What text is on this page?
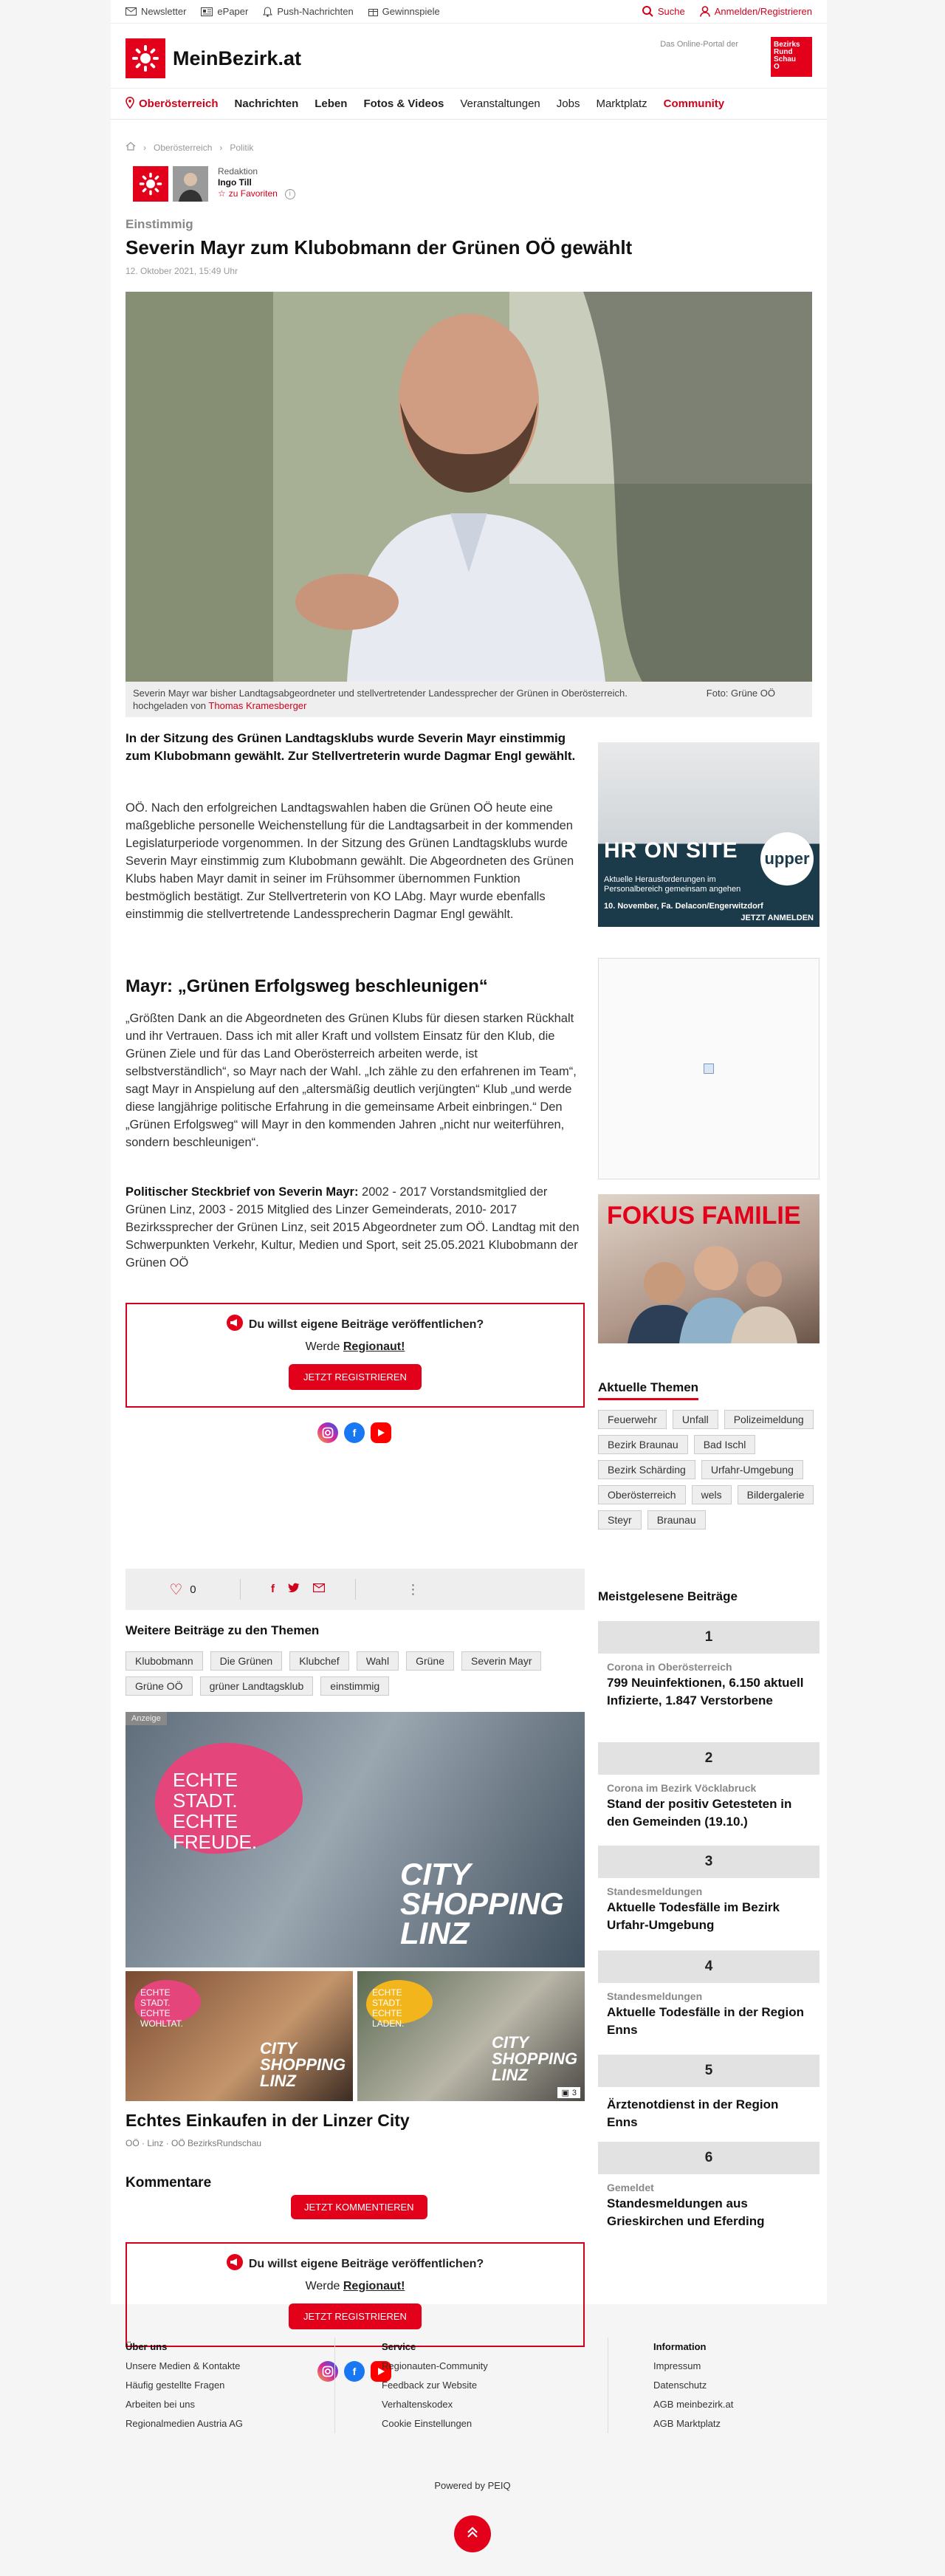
Newsletter	ePaper	Push-Nachrichten	Gewinnspiele	Suche	Anmelden/Registrieren
MeinBezirk.at
Das Online-Portal der	Bezirks
Rund
Schau
O
Oberösterreich Nachrichten Leben Fotos & Videos Veranstaltungen Jobs Marktplatz Community
› Oberösterreich › Politik
Redaktion
Ingo Till
☆ zu Favoriten	i
Einstimmig
Severin Mayr zum Klubobmann der Grünen OÖ gewählt
12. Oktober 2021, 15:49 Uhr
Severin Mayr war bisher Landtagsabgeordneter und stellvertretender Landessprecher der Grünen in Oberösterreich.	Foto: Grüne OÖ

hochgeladen von Thomas Kramesberger

In der Sitzung des Grünen Landtagsklubs wurde Severin Mayr einstimmig zum Klubobmann gewählt. Zur Stellvertreterin wurde Dagmar Engl gewählt.

OÖ. Nach den erfolgreichen Landtagswahlen haben die Grünen OÖ heute eine maßgebliche personelle Weichenstellung für die Landtagsarbeit in der kommenden Legislaturperiode vorgenommen. In der Sitzung des Grünen Landtagsklubs wurde Severin Mayr einstimmig zum Klubobmann gewählt. Die Abgeordneten des Grünen Klubs haben Mayr damit in seiner im Frühsommer übernommen Funktion bestmöglich bestätigt. Zur Stellvertreterin von KO LAbg. Mayr wurde ebenfalls einstimmig die stellvertretende Landessprecherin Dagmar Engl gewählt.

Mayr: „Grünen Erfolgsweg beschleunigen“

„Größten Dank an die Abgeordneten des Grünen Klubs für diesen starken Rückhalt und ihr Vertrauen. Dass ich mit aller Kraft und vollstem Einsatz für den Klub, die Grünen Ziele und für das Land Oberösterreich arbeiten werde, ist selbstverständlich“, so Mayr nach der Wahl. „Ich zähle zu den erfahrenen im Team“, sagt Mayr in Anspielung auf den „altersmäßig deutlich verjüngten“ Klub „und werde diese langjährige politische Erfahrung in die gemeinsame Arbeit einbringen.“ Den „Grünen Erfolgsweg“ will Mayr in den kommenden Jahren „nicht nur weiterführen, sondern beschleunigen“.

Politischer Steckbrief von Severin Mayr: 2002 - 2017 Vorstandsmitglied der Grünen Linz, 2003 - 2015 Mitglied des Linzer Gemeinderats, 2010- 2017 Bezirkssprecher der Grünen Linz, seit 2015 Abgeordneter zum OÖ. Landtag mit den Schwerpunkten Verkehr, Kultur, Medien und Sport, seit 25.05.2021 Klubobmann der Grünen OÖ

Du willst eigene Beiträge veröffentlichen?
Werde Regionaut!
JETZT REGISTRIEREN
f
♡ 0	f	⋮
Weitere Beiträge zu den Themen
Klubobmann	Die Grünen	Klubchef	Wahl	Grüne	Severin Mayr
Grüne OÖ	grüner Landtagsklub	einstimmig
ECHTE STADT. ECHTE FREUDE.
CITY SHOPPING LINZ
Anzeige
ECHTE STADT. ECHTE WOHLTAT.
CITY SHOPPING LINZ
ECHTE STADT. ECHTE LADEN.
CITY SHOPPING LINZ
▣ 3
Echtes Einkaufen in der Linzer City
OÖ · Linz · OÖ BezirksRundschau
Kommentare
JETZT KOMMENTIEREN
Du willst eigene Beiträge veröffentlichen?
Werde Regionaut!
JETZT REGISTRIEREN
f
HR ON SITE upper
Aktuelle Herausforderungen im Personalbereich gemeinsam angehen
10. November, Fa. Delacon/Engerwitzdorf
JETZT ANMELDEN
FOKUS FAMILIE
Aktuelle Themen
Feuerwehr	Unfall	Polizeimeldung
Bezirk Braunau	Bad Ischl
Bezirk Schärding	Urfahr-Umgebung
Oberösterreich	wels	Bildergalerie
Steyr	Braunau
Meistgelesene Beiträge
1
Corona in Oberösterreich
799 Neuinfektionen, 6.150 aktuell Infizierte, 1.847 Verstorbene
2
Corona im Bezirk Vöcklabruck
Stand der positiv Getesteten in den Gemeinden (19.10.)
3
Standesmeldungen
Aktuelle Todesfälle im Bezirk Urfahr-Umgebung
4
Standesmeldungen
Aktuelle Todesfälle in der Region Enns
5
Ärztenotdienst in der Region Enns
6
Gemeldet
Standesmeldungen aus Grieskirchen und Eferding
Über uns
Unsere Medien & Kontakte
Häufig gestellte Fragen
Arbeiten bei uns
Regionalmedien Austria AG
Service
Regionauten-Community
Feedback zur Website
Verhaltenskodex
Cookie Einstellungen
Information
Impressum
Datenschutz
AGB meinbezirk.at
AGB Marktplatz
Powered by PEIQ
